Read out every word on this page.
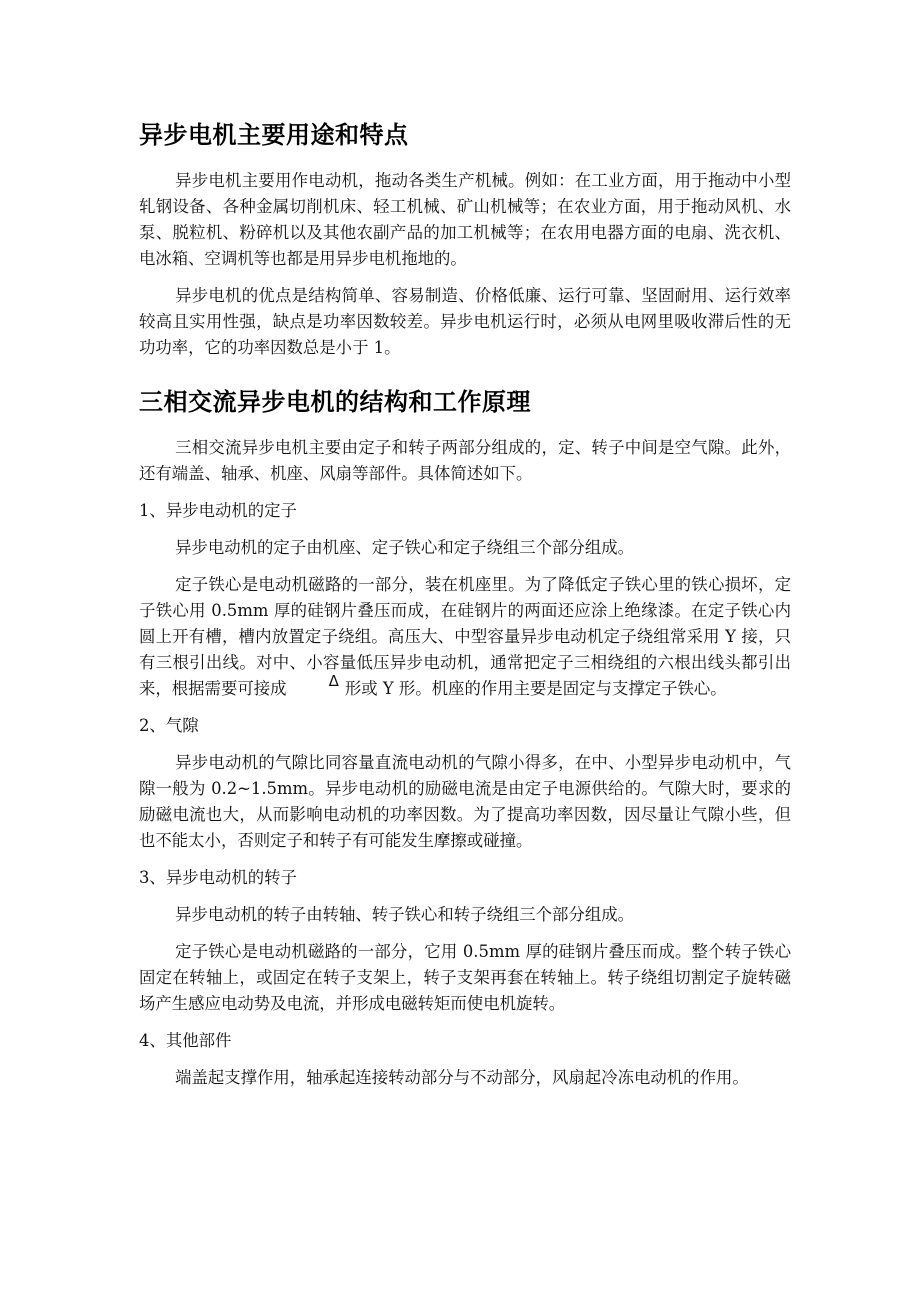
异步电机主要用途和特点

异步电机主要用作电动机，拖动各类生产机械。例如：在工业方面，用于拖动中小型轧钢设备、各种金属切削机床、轻工机械、矿山机械等；在农业方面，用于拖动风机、水泵、脱粒机、粉碎机以及其他农副产品的加工机械等；在农用电器方面的电扇、洗衣机、电冰箱、空调机等也都是用异步电机拖地的。

异步电机的优点是结构简单、容易制造、价格低廉、运行可靠、坚固耐用、运行效率较高且实用性强，缺点是功率因数较差。异步电机运行时，必须从电网里吸收滞后性的无功功率，它的功率因数总是小于 1。

三相交流异步电机的结构和工作原理

三相交流异步电机主要由定子和转子两部分组成的，定、转子中间是空气隙。此外，还有端盖、轴承、机座、风扇等部件。具体简述如下。

1、异步电动机的定子

异步电动机的定子由机座、定子铁心和定子绕组三个部分组成。

定子铁心是电动机磁路的一部分，装在机座里。为了降低定子铁心里的铁心损坏，定子铁心用 0.5mm 厚的硅钢片叠压而成，在硅钢片的两面还应涂上绝缘漆。在定子铁心内圆上开有槽，槽内放置定子绕组。高压大、中型容量异步电动机定子绕组常采用 Y 接，只有三根引出线。对中、小容量低压异步电动机，通常把定子三相绕组的六根出线头都引出来，根据需要可接成	Δ 形或 Y 形。机座的作用主要是固定与支撑定子铁心。

2、气隙

异步电动机的气隙比同容量直流电动机的气隙小得多，在中、小型异步电动机中，气隙一般为 0.2~1.5mm。异步电动机的励磁电流是由定子电源供给的。气隙大时，要求的励磁电流也大，从而影响电动机的功率因数。为了提高功率因数，因尽量让气隙小些，但也不能太小，否则定子和转子有可能发生摩擦或碰撞。

3、异步电动机的转子

异步电动机的转子由转轴、转子铁心和转子绕组三个部分组成。

定子铁心是电动机磁路的一部分，它用 0.5mm 厚的硅钢片叠压而成。整个转子铁心固定在转轴上，或固定在转子支架上，转子支架再套在转轴上。转子绕组切割定子旋转磁场产生感应电动势及电流，并形成电磁转矩而使电机旋转。

4、其他部件

端盖起支撑作用，轴承起连接转动部分与不动部分，风扇起冷冻电动机的作用。
